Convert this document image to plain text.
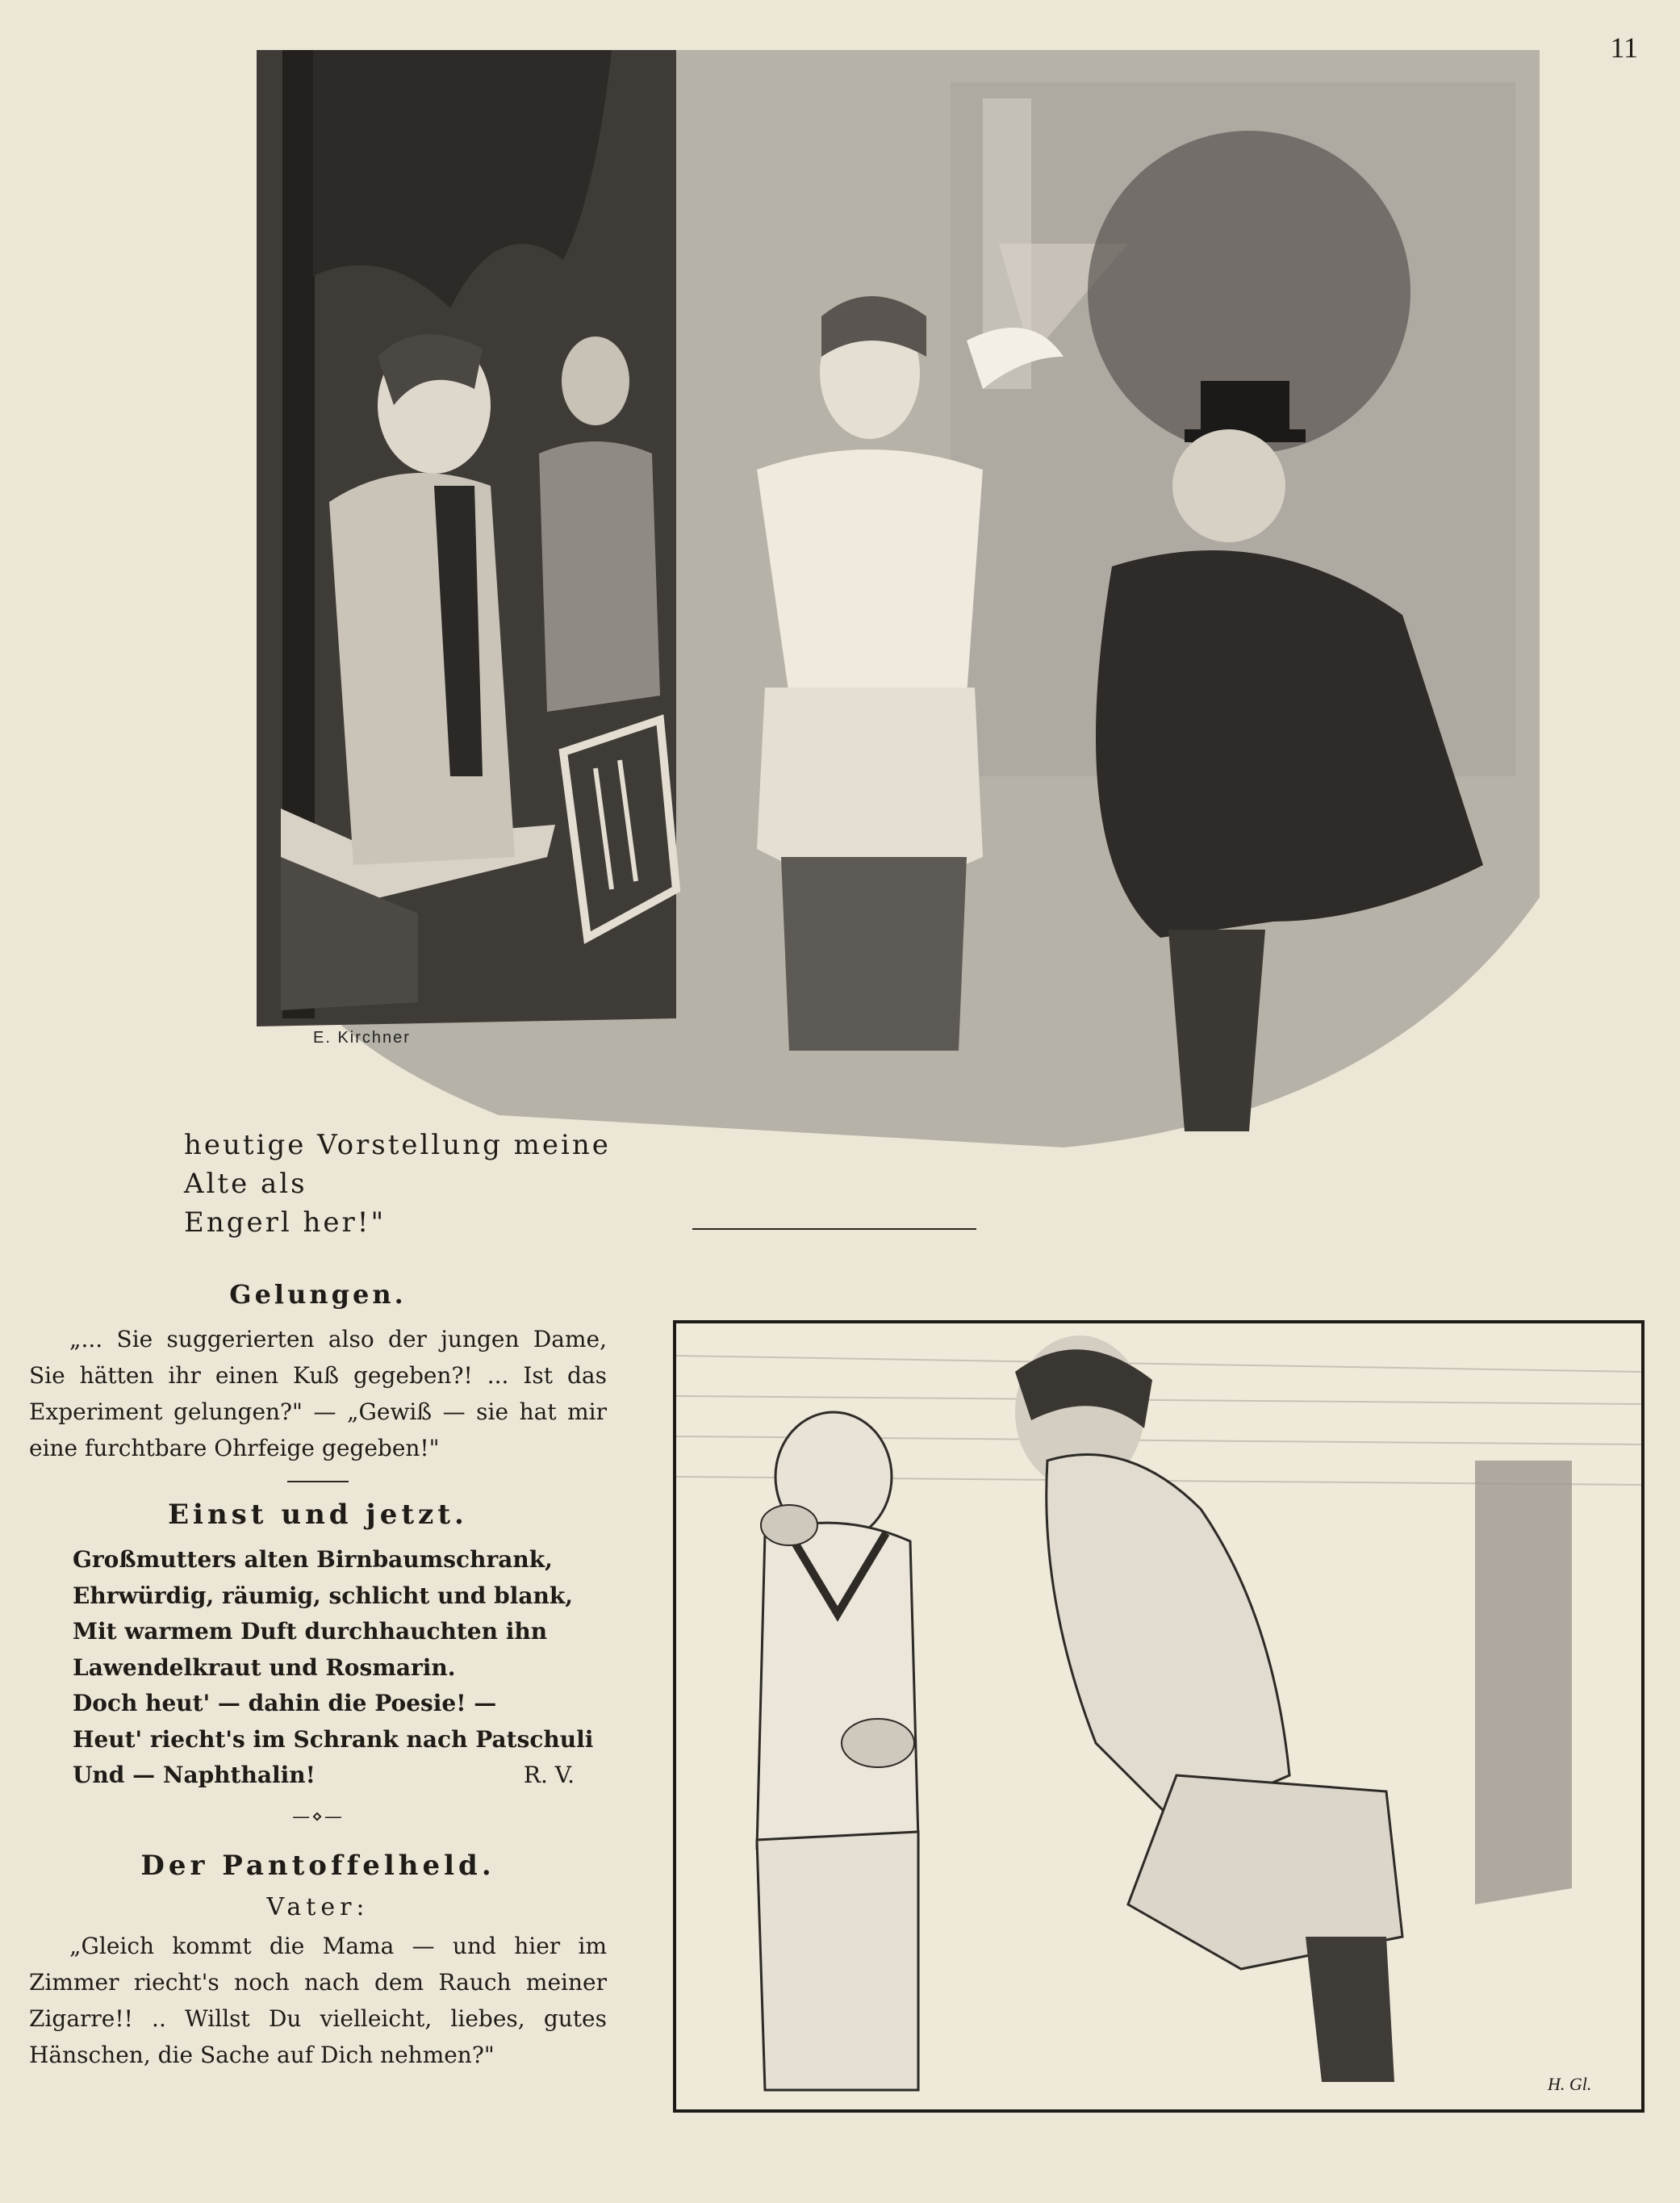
11
E. Kirchner

heutige Vorstellung meine Alte als

Engerl her!"

Gelungen.

„... Sie suggerierten also der jungen Dame, Sie hätten ihr einen Kuß gegeben?! ... Ist das Experiment gelungen?" — „Gewiß — sie hat mir eine furchtbare Ohrfeige gegeben!"

Einst und jetzt.
Großmutters alten Birnbaumschrank,
Ehrwürdig, räumig, schlicht und blank,
Mit warmem Duft durchhauchten ihn
Lawendelkraut und Rosmarin.
Doch heut' — dahin die Poesie! —
Heut' riecht's im Schrank nach Patschuli
Und — Naphthalin!	R. V.
—⋄—
Der Pantoffelheld.
Vater:

„Gleich kommt die Mama — und hier im Zimmer riecht's noch nach dem Rauch meiner Zigarre!! .. Willst Du vielleicht, liebes, gutes Hänschen, die Sache auf Dich nehmen?"

H. Gl.
